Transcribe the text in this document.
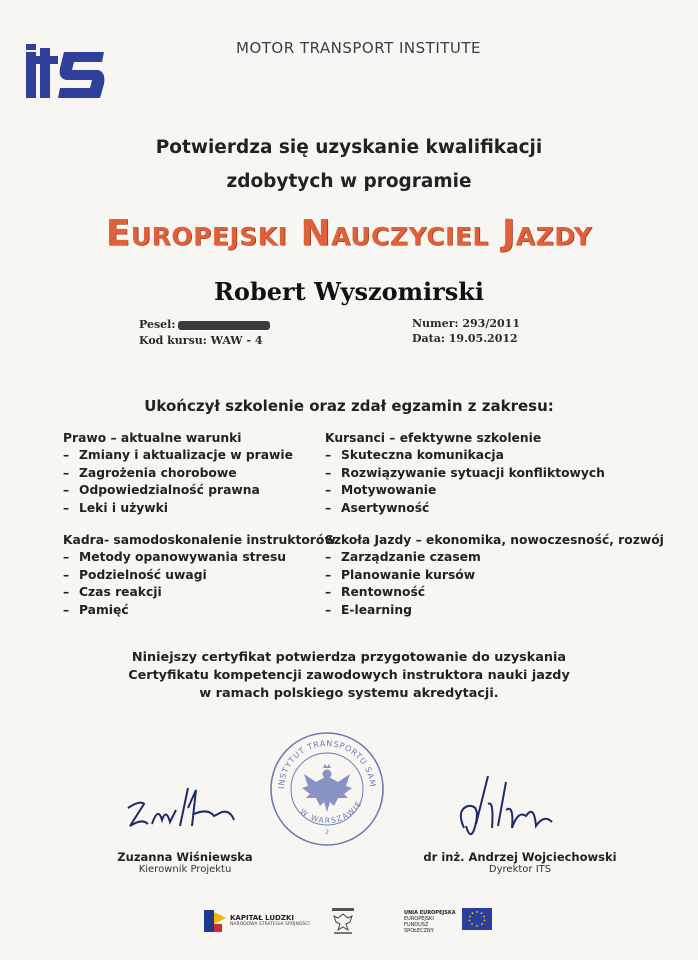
MOTOR TRANSPORT INSTITUTE
Potwierdza się uzyskanie kwalifikacji
zdobytych w programie
Europejski Nauczyciel Jazdy
Robert Wyszomirski
Pesel:
Kod kursu: WAW - 4
Numer: 293/2011
Data: 19.05.2012
Ukończył szkolenie oraz zdał egzamin z zakresu:

Prawo – aktualne warunki

– Zmiany i aktualizacje w prawie
– Zagrożenia chorobowe
– Odpowiedzialność prawna
– Leki i używki

Kursanci – efektywne szkolenie

– Skuteczna komunikacja
– Rozwiązywanie sytuacji konfliktowych
– Motywowanie
– Asertywność

Kadra- samodoskonalenie instruktorów

– Metody opanowywania stresu
– Podzielność uwagi
– Czas reakcji
– Pamięć

Szkoła Jazdy – ekonomika, nowoczesność, rozwój

– Zarządzanie czasem
– Planowanie kursów
– Rentowność
– E-learning
Niniejszy certyfikat potwierdza przygotowanie do uzyskania
Certyfikatu kompetencji zawodowych instruktora nauki jazdy
w ramach polskiego systemu akredytacji.
INSTYTUT TRANSPORTU SAM
W WARSZAWIE
2
Zuzanna Wiśniewska
Kierownik Projektu
dr inż. Andrzej Wojciechowski
Dyrektor ITS
KAPITAŁ LUDZKI
NARODOWA STRATEGIA SPÓJNOŚCI
UNIA EUROPEJSKA
EUROPEJSKI
FUNDUSZ SPOŁECZNY
